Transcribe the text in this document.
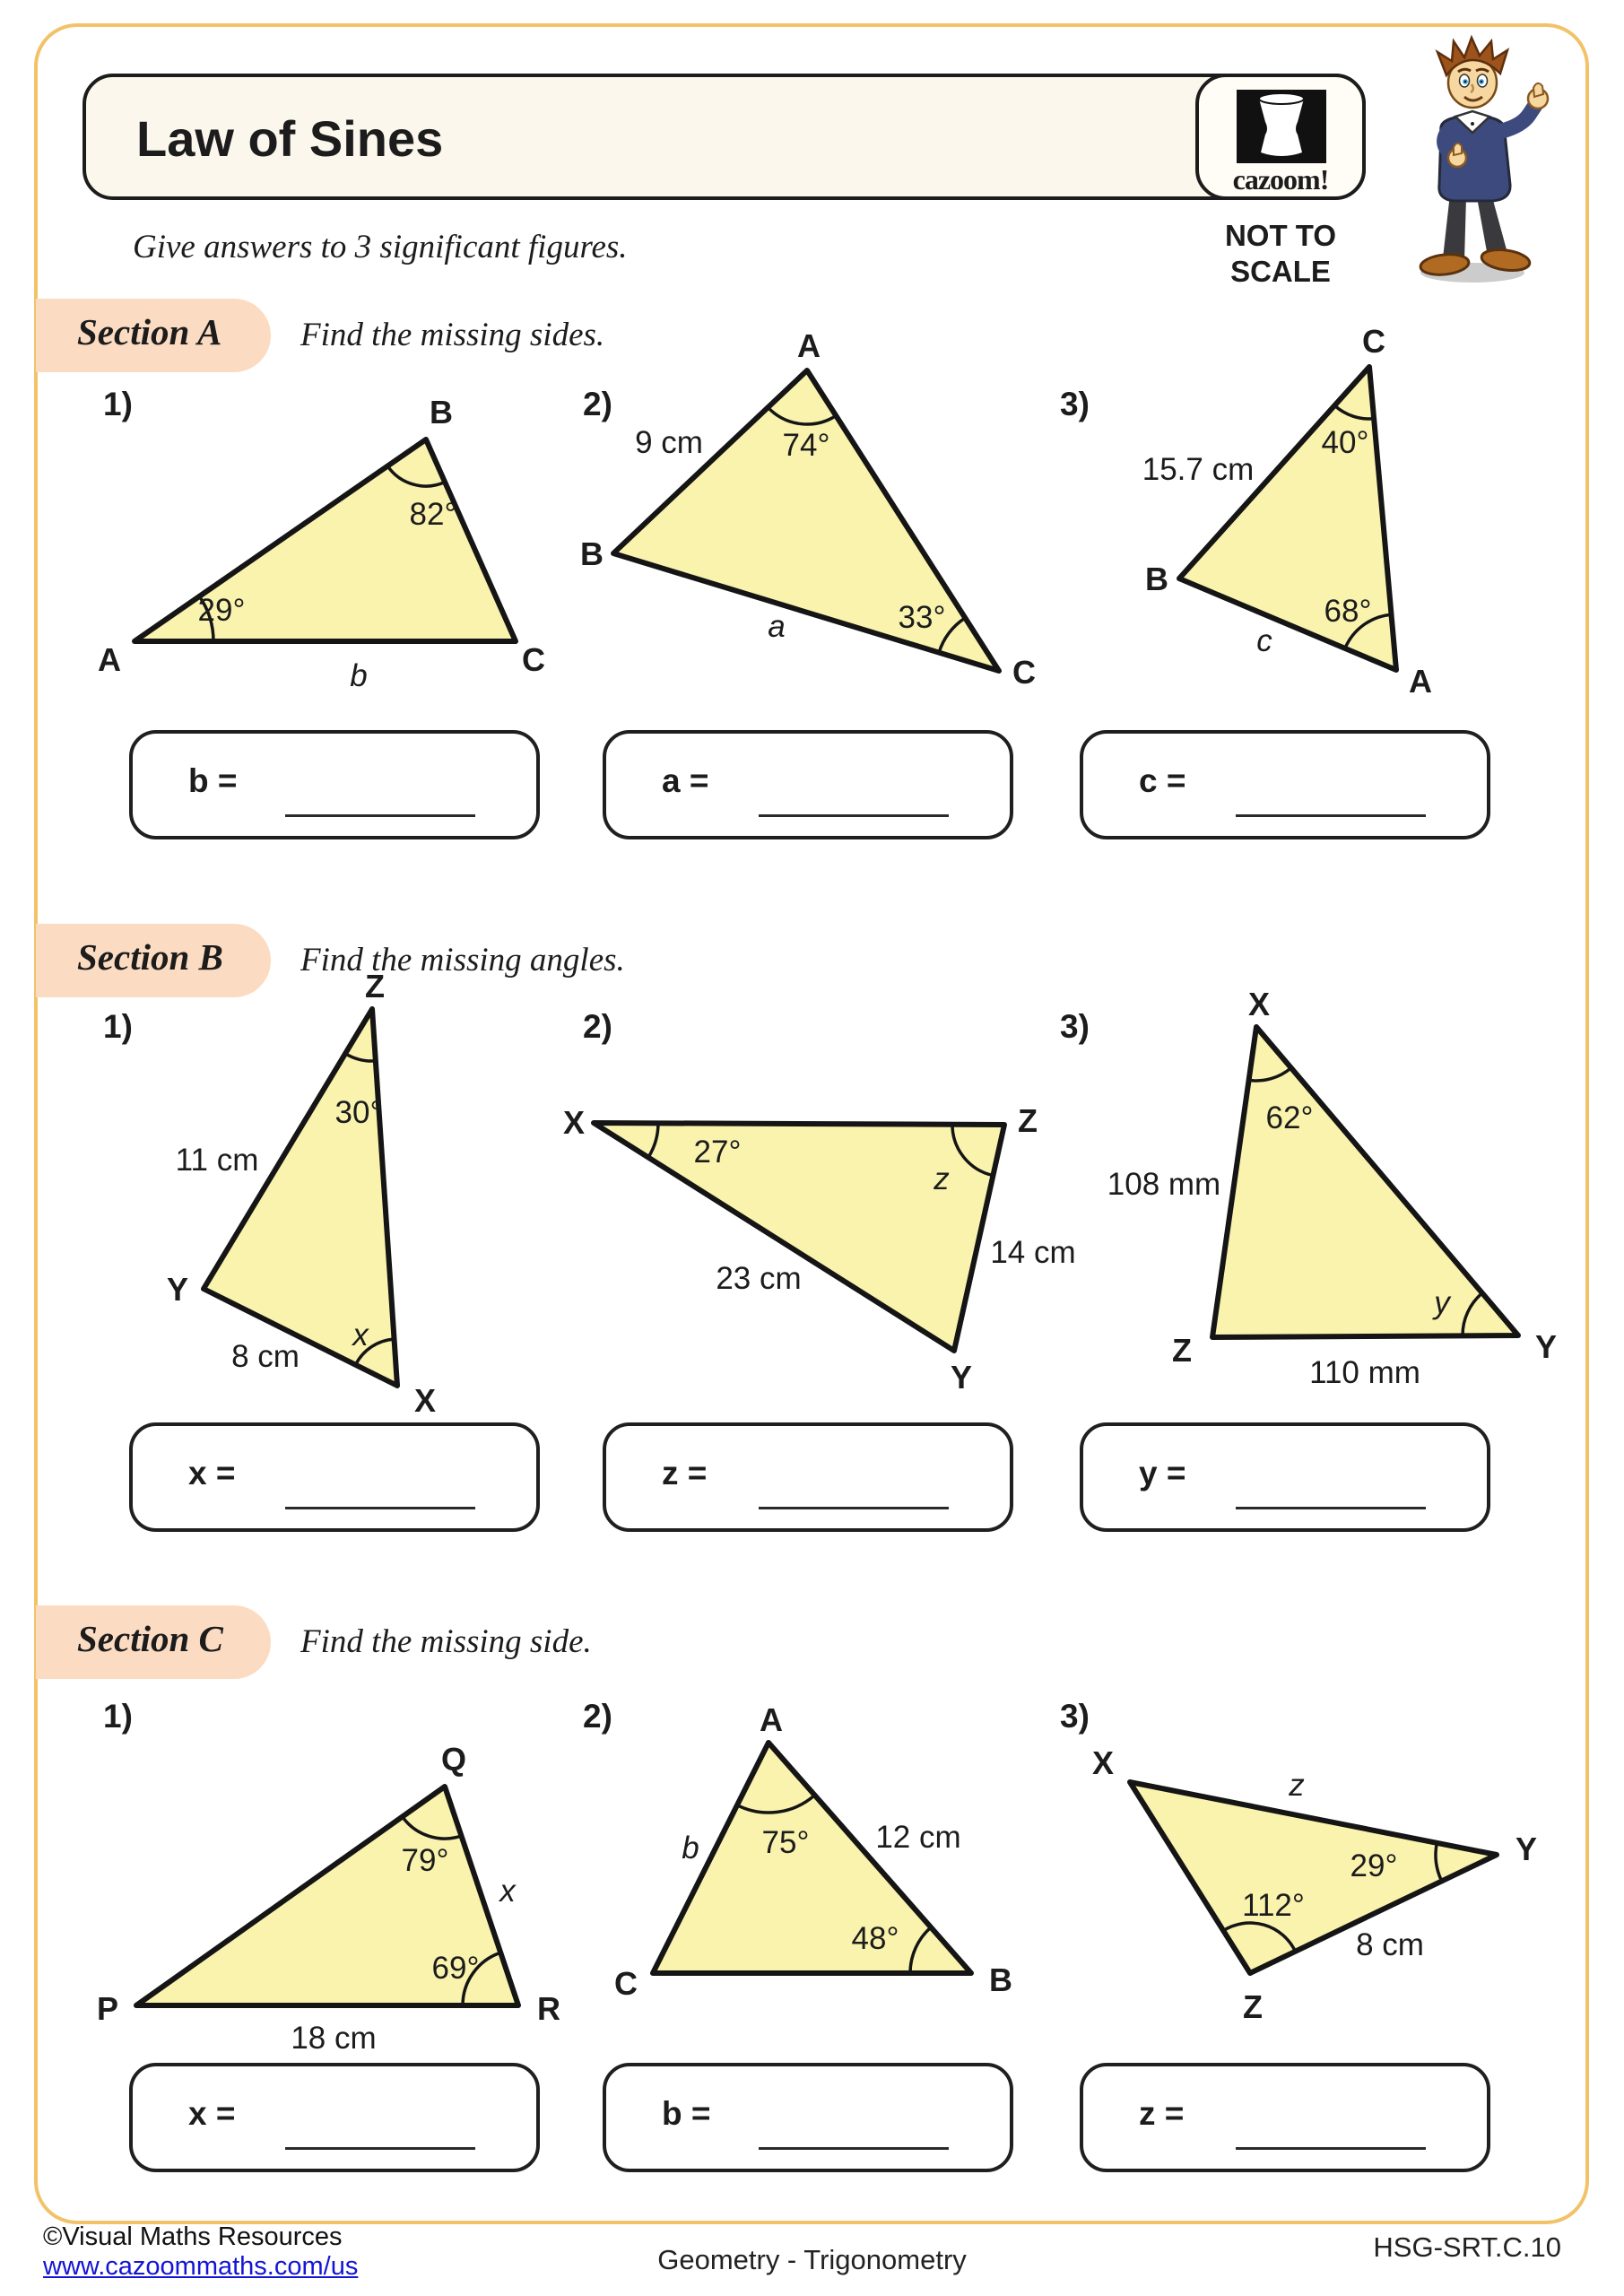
Law of Sines
cazoom!
NOT TO
SCALE
Give answers to 3 significant figures.
Section A	Find the missing sides.
Section B	Find the missing angles.
Section C	Find the missing side.
1)	2)	3)
1)	2)	3)
1)	2)	3)
A
B
C
82°
29°
b
A
B
C
74°
33°
9 cm
a
C
B
A
40°
68°
15.7 cm
c
Z
Y
X
30°
x
11 cm
8 cm
X	Z
Y
27°
z
23 cm
14 cm
X
Z	Y
62°
y
108 mm
110 mm
Q
P	R
79°
69°
x
18 cm
A
C	B
75°
48°
b	12 cm
X
Y
Z
112°
29°
z
8 cm
b =	a =	c =
x =	z =	y =
x =	b =	z =
©Visual Maths Resources
www.cazoommaths.com/us	Geometry - Trigonometry	HSG-SRT.C.10
